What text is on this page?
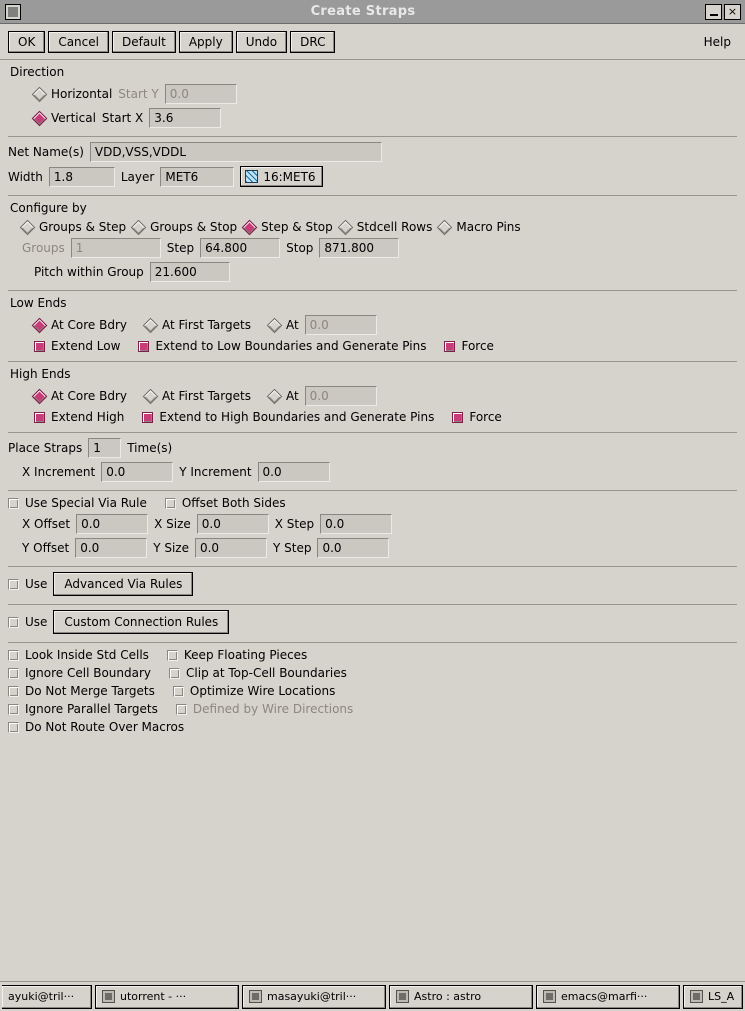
Create Straps	×
OK	Cancel	Default	Apply	Undo	DRC	Help
Direction
Horizontal Start Y 0.0
Vertical Start X 3.6
Net Name(s) VDD,VSS,VDDL
Width 1.8	Layer MET6	16:MET6
Configure by
Groups & Step Groups & Stop Step & Stop Stdcell Rows Macro Pins
Groups 1	Step 64.800	Stop 871.800
Pitch within Group 21.600
Low Ends
At Core Bdry	At First Targets	At 0.0
Extend Low	Extend to Low Boundaries and Generate Pins	Force
High Ends
At Core Bdry	At First Targets	At 0.0
Extend High	Extend to High Boundaries and Generate Pins	Force
Place Straps 1	Time(s)
X Increment 0.0	Y Increment 0.0
Use Special Via Rule	Offset Both Sides
X Offset 0.0	X Size 0.0	X Step 0.0
Y Offset 0.0	Y Size 0.0	Y Step 0.0
Use	Advanced Via Rules
Use	Custom Connection Rules
Look Inside Std Cells	Keep Floating Pieces
Ignore Cell Boundary	Clip at Top-Cell Boundaries
Do Not Merge Targets	Optimize Wire Locations
Ignore Parallel Targets	Defined by Wire Directions
Do Not Route Over Macros
ayuki@tril···	utorrent - ···	masayuki@tril···	Astro : astro	emacs@marfi···	LS_A
